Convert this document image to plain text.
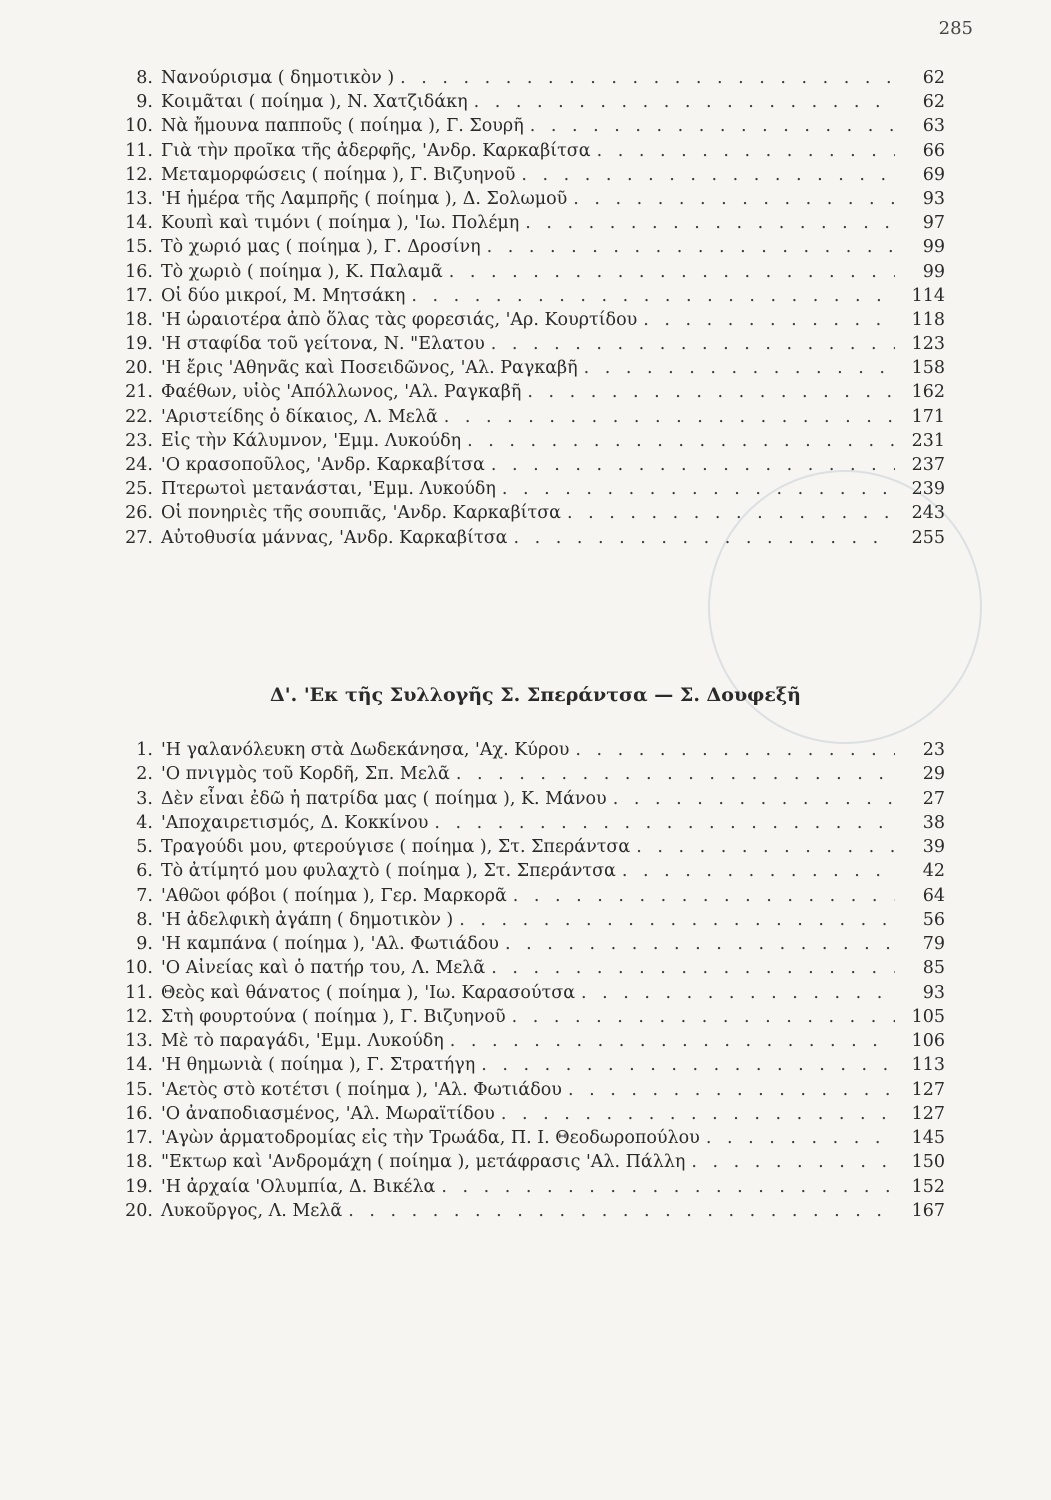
285
8. Νανούρισμα ( δημοτικὸν ) . . .	62
9. Κοιμᾶται ( ποίημα ), Ν. Χατζιδάκη . . .	62
10. Νὰ ἤμουνα παπποῦς ( ποίημα ), Γ. Σουρῆ . . .	63
11. Γιὰ τὴν προῖκα τῆς ἀδερφῆς, 'Ανδρ. Καρκαβίτσα . . .	66
12. Μεταμορφώσεις ( ποίημα ), Γ. Βιζυηνοῦ . . .	69
13. 'Η ἡμέρα τῆς Λαμπρῆς ( ποίημα ), Δ. Σολωμοῦ . . .	93
14. Κουπὶ καὶ τιμόνι ( ποίημα ), 'Ιω. Πολέμη . . .	97
15. Τὸ χωριό μας ( ποίημα ), Γ. Δροσίνη . . .	99
16. Τὸ χωριὸ ( ποίημα ), Κ. Παλαμᾶ . . .	99
17. Οἱ δύο μικροί, Μ. Μητσάκη . . .	114
18. 'Η ὡραιοτέρα ἀπὸ ὅλας τὰς φορεσιάς, 'Αρ. Κουρτίδου . . .	118
19. 'Η σταφίδα τοῦ γείτονα, Ν. "Ελατου . . .	123
20. 'Η ἔρις 'Αθηνᾶς καὶ Ποσειδῶνος, 'Αλ. Ραγκαβῆ . . .	158
21. Φαέθων, υἱὸς 'Απόλλωνος, 'Αλ. Ραγκαβῆ . . .	162
22. 'Αριστείδης ὁ δίκαιος, Λ. Μελᾶ . . .	171
23. Εἰς τὴν Κάλυμνον, 'Εμμ. Λυκούδη . . .	231
24. 'Ο κρασοποῦλος, 'Ανδρ. Καρκαβίτσα . . .	237
25. Πτερωτοὶ μετανάσται, 'Εμμ. Λυκούδη . . .	239
26. Οἱ πονηριὲς τῆς σουπιᾶς, 'Ανδρ. Καρκαβίτσα . . .	243
27. Αὐτοθυσία μάννας, 'Ανδρ. Καρκαβίτσα . . .	255
Δ'. 'Εκ τῆς Συλλογῆς Σ. Σπεράντσα — Σ. Δουφεξῆ
1. 'Η γαλανόλευκη στὰ Δωδεκάνησα, 'Αχ. Κύρου . . .	23
2. 'Ο πνιγμὸς τοῦ Κορδῆ, Σπ. Μελᾶ . . .	29
3. Δὲν εἶναι ἐδῶ ἡ πατρίδα μας ( ποίημα ), Κ. Μάνου . . .	27
4. 'Αποχαιρετισμός, Δ. Κοκκίνου . . .	38
5. Τραγούδι μου, φτερούγισε ( ποίημα ), Στ. Σπεράντσα . . .	39
6. Τὸ ἀτίμητό μου φυλαχτὸ ( ποίημα ), Στ. Σπεράντσα . . .	42
7. 'Αθῶοι φόβοι ( ποίημα ), Γερ. Μαρκορᾶ . . .	64
8. 'Η ἀδελφικὴ ἀγάπη ( δημοτικὸν ) . . .	56
9. 'Η καμπάνα ( ποίημα ), 'Αλ. Φωτιάδου . . .	79
10. 'Ο Αἰνείας καὶ ὁ πατήρ του, Λ. Μελᾶ . . .	85
11. Θεὸς καὶ θάνατος ( ποίημα ), 'Ιω. Καρασούτσα . . .	93
12. Στὴ φουρτούνα ( ποίημα ), Γ. Βιζυηνοῦ . . .	105
13. Μὲ τὸ παραγάδι, 'Εμμ. Λυκούδη . . .	106
14. 'Η θημωνιὰ ( ποίημα ), Γ. Στρατήγη . . .	113
15. 'Αετὸς στὸ κοτέτσι ( ποίημα ), 'Αλ. Φωτιάδου . . .	127
16. 'Ο ἀναποδιασμένος, 'Αλ. Μωραϊτίδου . . .	127
17. 'Αγὼν ἁρματοδρομίας εἰς τὴν Τρωάδα, Π. Ι. Θεοδωροπούλου . . .	145
18. "Εκτωρ καὶ 'Ανδρομάχη ( ποίημα ), μετάφρασις 'Αλ. Πάλλη . . .	150
19. 'Η ἀρχαία 'Ολυμπία, Δ. Βικέλα . . .	152
20. Λυκοῦργος, Λ. Μελᾶ . . .	167
